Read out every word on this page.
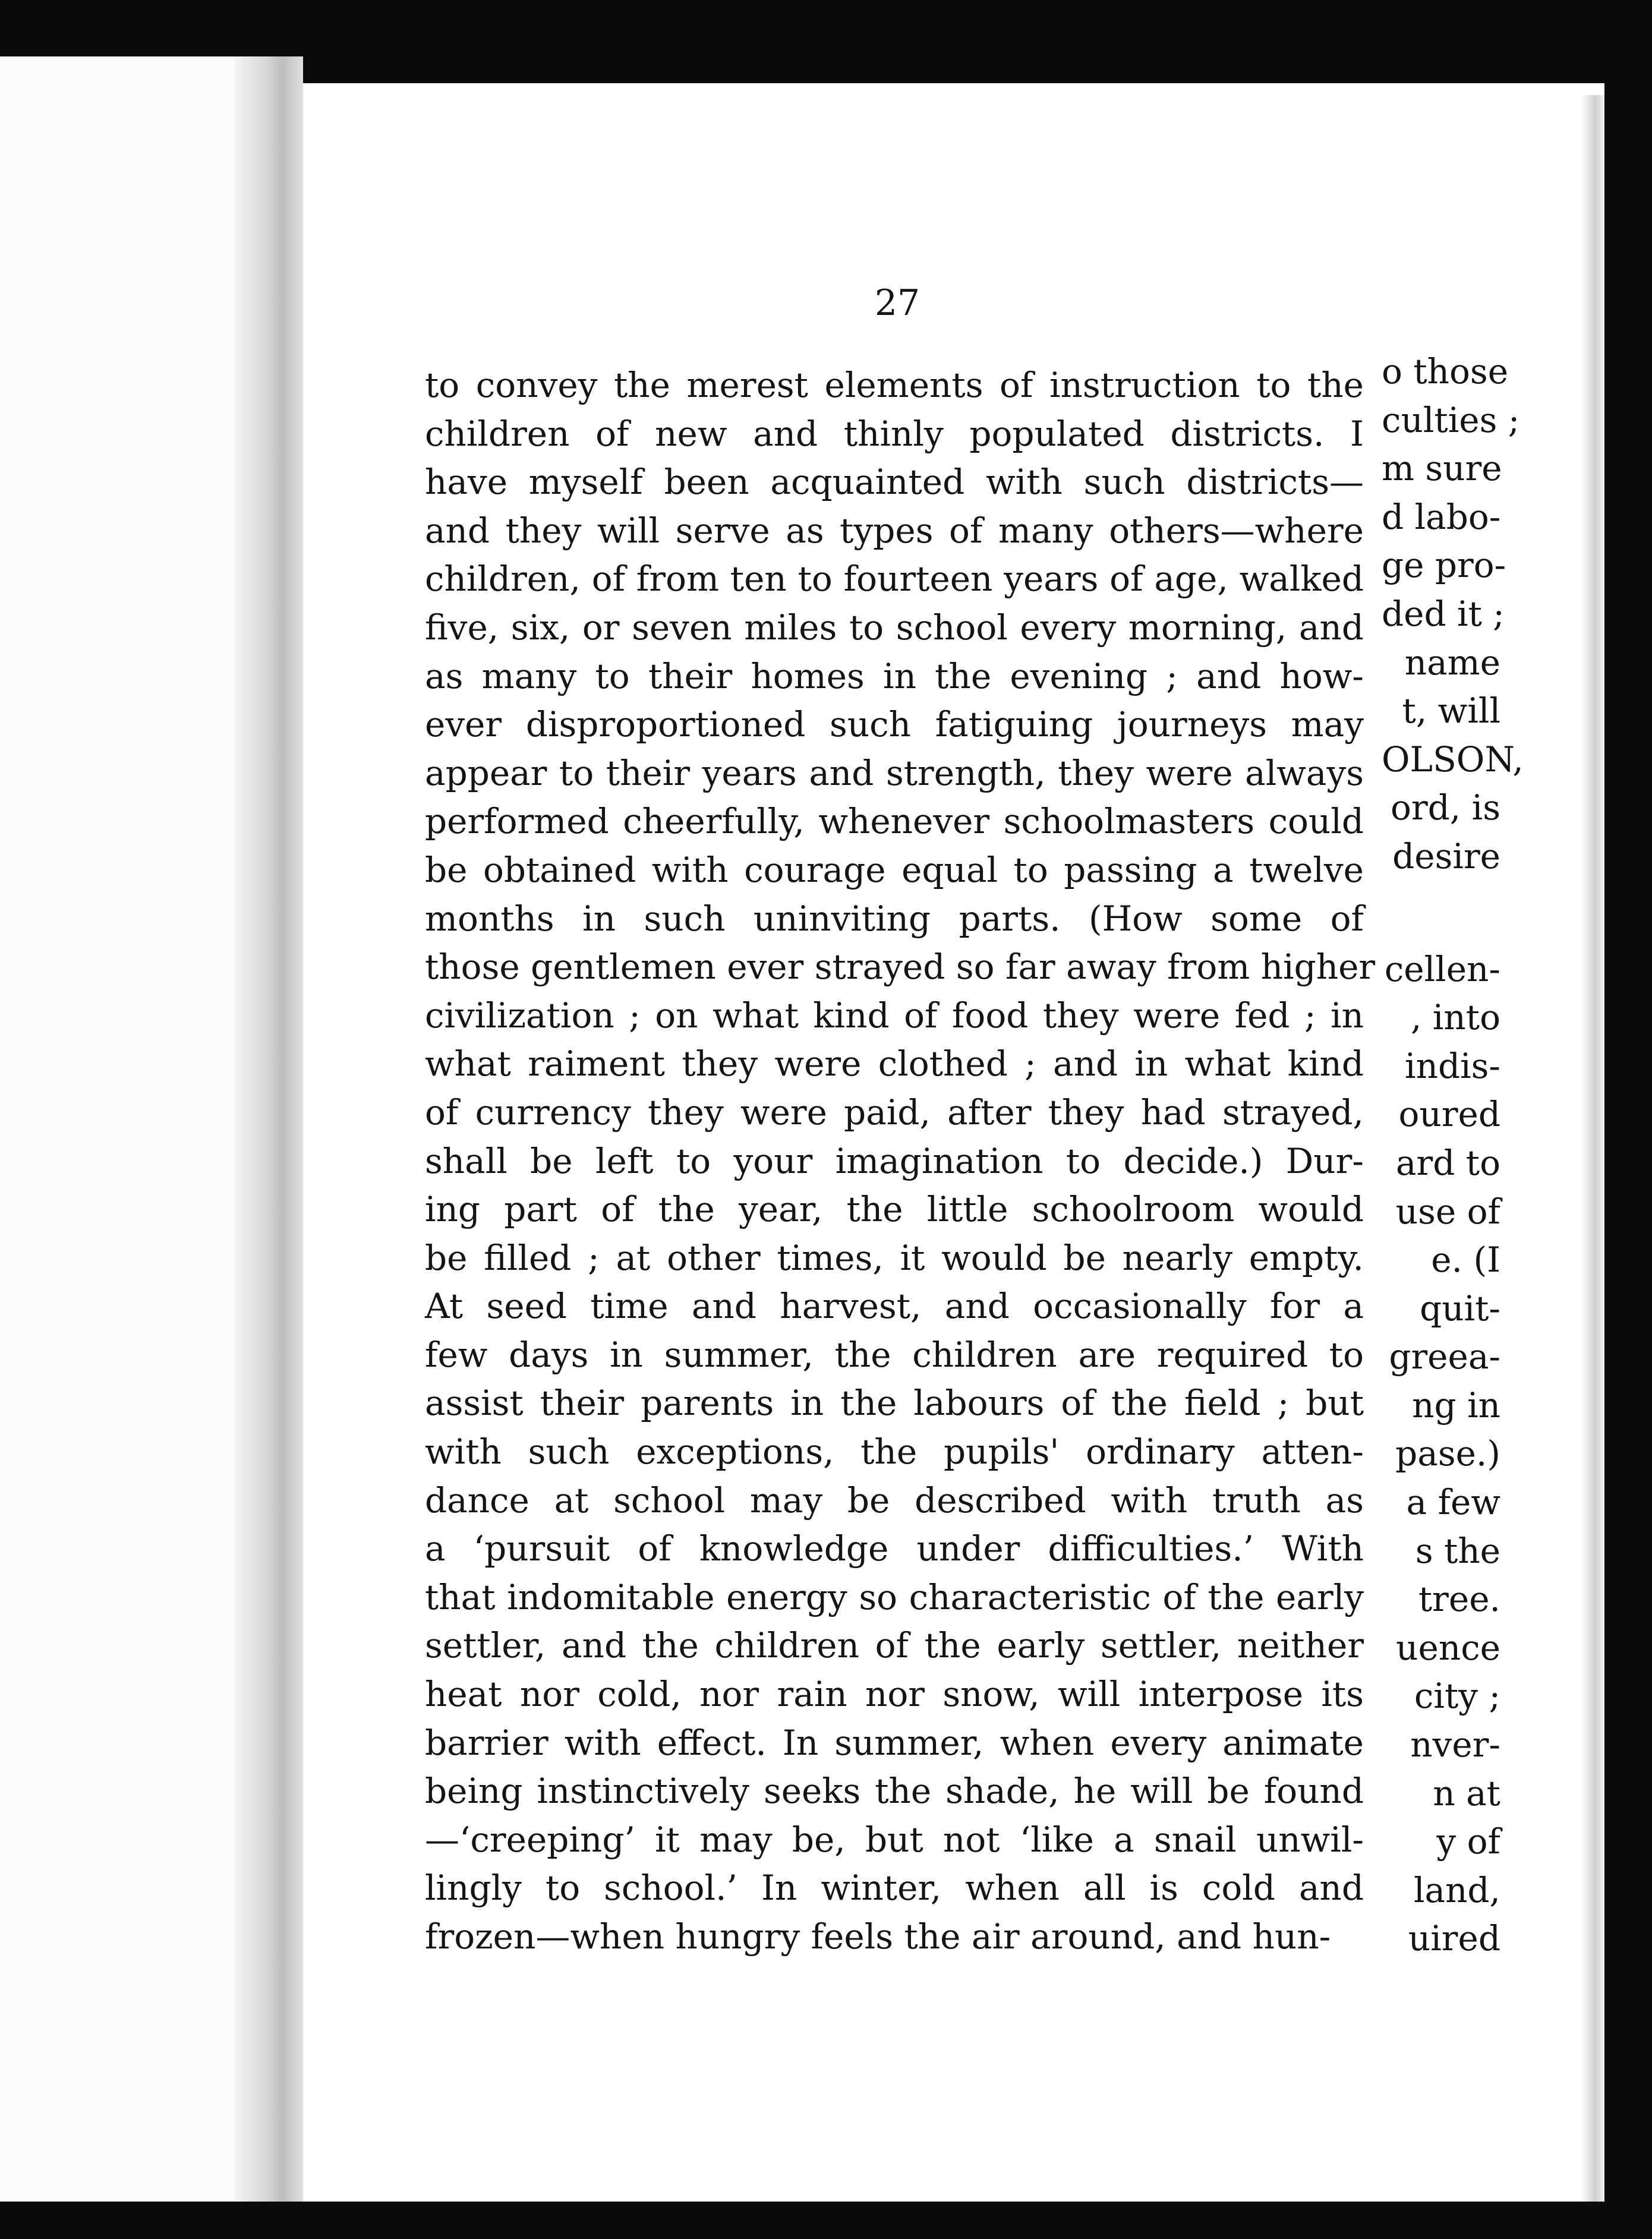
o those
culties ;
m sure
d labo-
ge pro-
ded it ;
name
t, will
OLSON,
ord, is
desire
cellen-
, into
indis-
oured
ard to
use of
e. (I
quit-
greea-
ng in
pase.)
a few
s the
tree.
uence
city ;
nver-
n at
y of
land,
uired
27
to convey the merest elements of instruction to the
children of new and thinly populated districts. I
have myself been acquainted with such districts—
and they will serve as types of many others—where
children, of from ten to fourteen years of age, walked
five, six, or seven miles to school every morning, and
as many to their homes in the evening ; and how-
ever disproportioned such fatiguing journeys may
appear to their years and strength, they were always
performed cheerfully, whenever schoolmasters could
be obtained with courage equal to passing a twelve
months in such uninviting parts. (How some of
those gentlemen ever strayed so far away from higher
civilization ; on what kind of food they were fed ; in
what raiment they were clothed ; and in what kind
of currency they were paid, after they had strayed,
shall be left to your imagination to decide.) Dur-
ing part of the year, the little schoolroom would
be filled ; at other times, it would be nearly empty.
At seed time and harvest, and occasionally for a
few days in summer, the children are required to
assist their parents in the labours of the field ; but
with such exceptions, the pupils' ordinary atten-
dance at school may be described with truth as
a ‘pursuit of knowledge under difficulties.’ With
that indomitable energy so characteristic of the early
settler, and the children of the early settler, neither
heat nor cold, nor rain nor snow, will interpose its
barrier with effect. In summer, when every animate
being instinctively seeks the shade, he will be found
—‘creeping’ it may be, but not ‘like a snail unwil-
lingly to school.’ In winter, when all is cold and
frozen—when hungry feels the air around, and hun-
